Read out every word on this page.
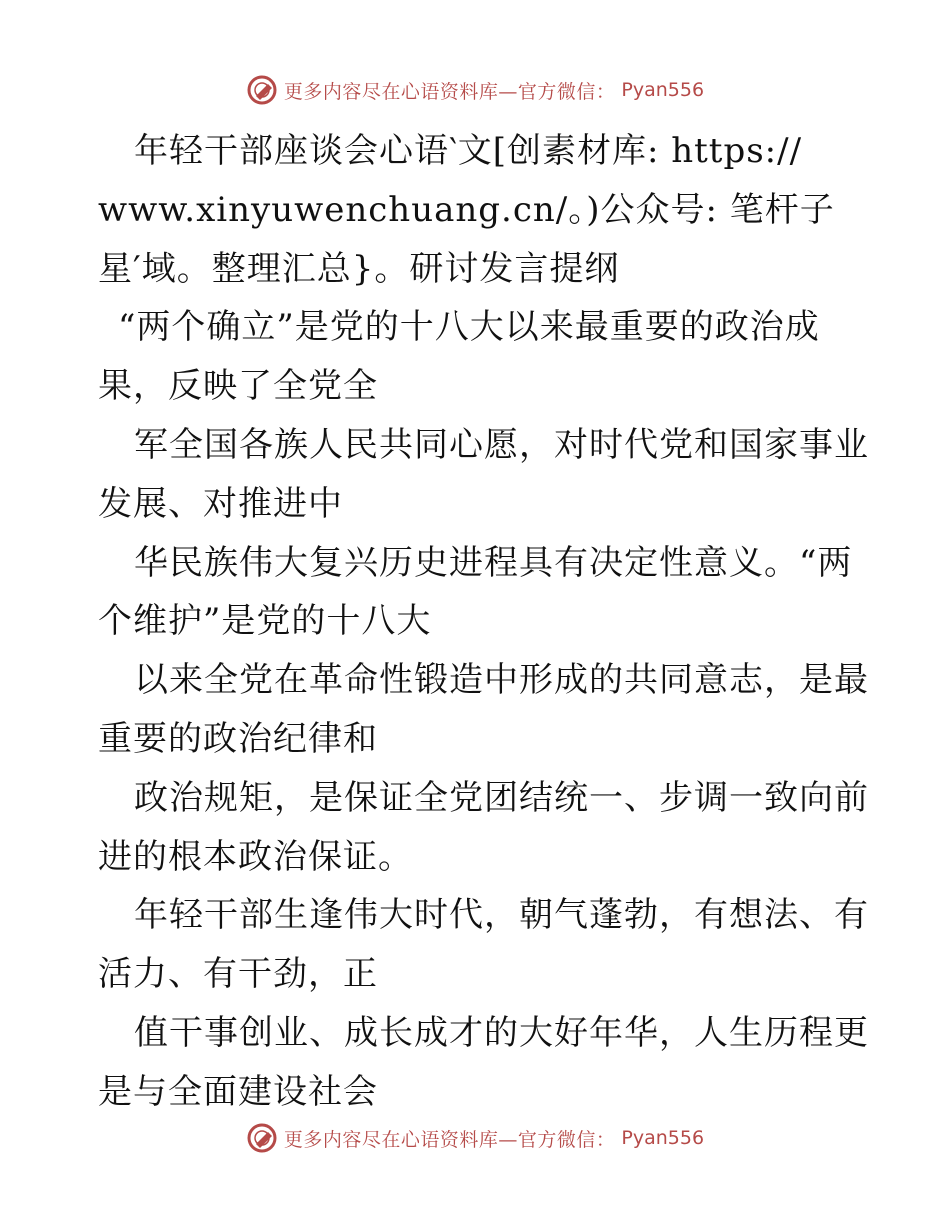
更多内容尽在心语资料库—官方微信： Pyan556
年轻干部座谈会心语‵文[创素材库: https://
www.xinyuwenchuang.cn/。)公众号: 笔杆子
星′域。整理汇总}。研讨发言提纲
“两个确立”是党的十八大以来最重要的政治成
果，反映了全党全
军全国各族人民共同心愿，对时代党和国家事业
发展、对推进中
华民族伟大复兴历史进程具有决定性意义。“两
个维护”是党的十八大
以来全党在革命性锻造中形成的共同意志，是最
重要的政治纪律和
政治规矩，是保证全党团结统一、步调一致向前
进的根本政治保证。
年轻干部生逢伟大时代，朝气蓬勃，有想法、有
活力、有干劲，正
值干事创业、成长成才的大好年华，人生历程更
是与全面建设社会
更多内容尽在心语资料库—官方微信： Pyan556
